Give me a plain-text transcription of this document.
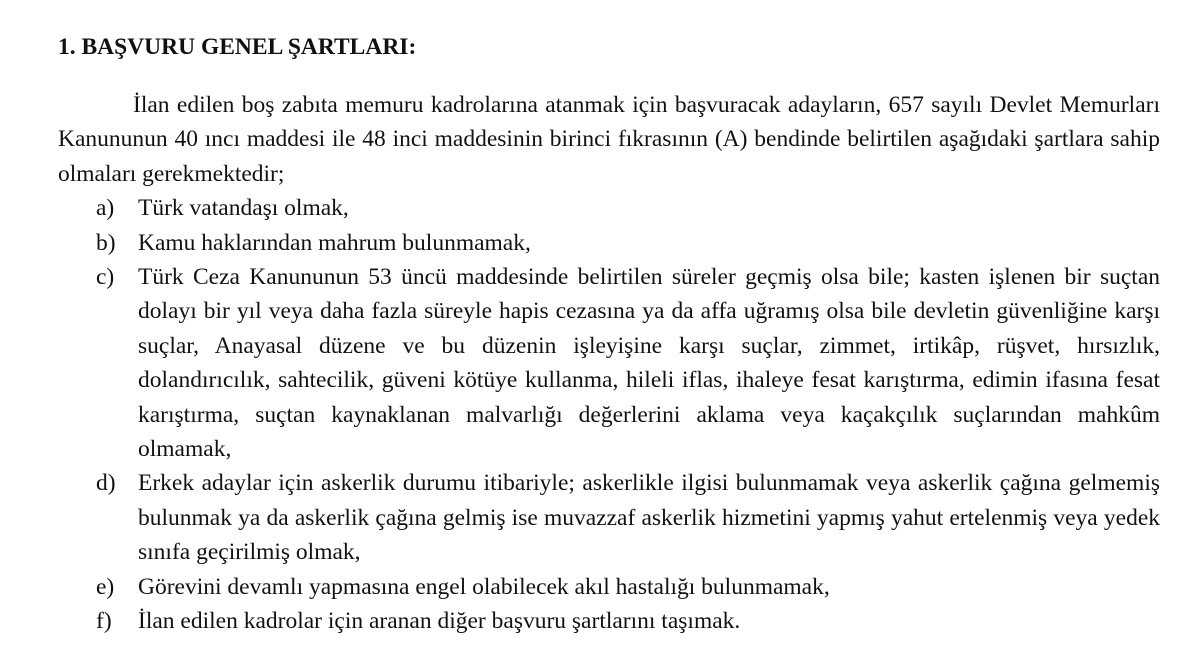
1. BAŞVURU GENEL ŞARTLARI:

İlan edilen boş zabıta memuru kadrolarına atanmak için başvuracak adayların, 657 sayılı Devlet Memurları Kanununun 40 ıncı maddesi ile 48 inci maddesinin birinci fıkrasının (A) bendinde belirtilen aşağıdaki şartlara sahip olmaları gerekmektedir;

a) Türk vatandaşı olmak,
b) Kamu haklarından mahrum bulunmamak,
c) Türk Ceza Kanununun 53 üncü maddesinde belirtilen süreler geçmiş olsa bile; kasten işlenen bir suçtan dolayı bir yıl veya daha fazla süreyle hapis cezasına ya da affa uğramış olsa bile devletin güvenliğine karşı suçlar, Anayasal düzene ve bu düzenin işleyişine karşı suçlar, zimmet, irtikâp, rüşvet, hırsızlık, dolandırıcılık, sahtecilik, güveni kötüye kullanma, hileli iflas, ihaleye fesat karıştırma, edimin ifasına fesat karıştırma, suçtan kaynaklanan malvarlığı değerlerini aklama veya kaçakçılık suçlarından mahkûm olmamak,
d) Erkek adaylar için askerlik durumu itibariyle; askerlikle ilgisi bulunmamak veya askerlik çağına gelmemiş bulunmak ya da askerlik çağına gelmiş ise muvazzaf askerlik hizmetini yapmış yahut ertelenmiş veya yedek sınıfa geçirilmiş olmak,
e) Görevini devamlı yapmasına engel olabilecek akıl hastalığı bulunmamak,
f) İlan edilen kadrolar için aranan diğer başvuru şartlarını taşımak.
